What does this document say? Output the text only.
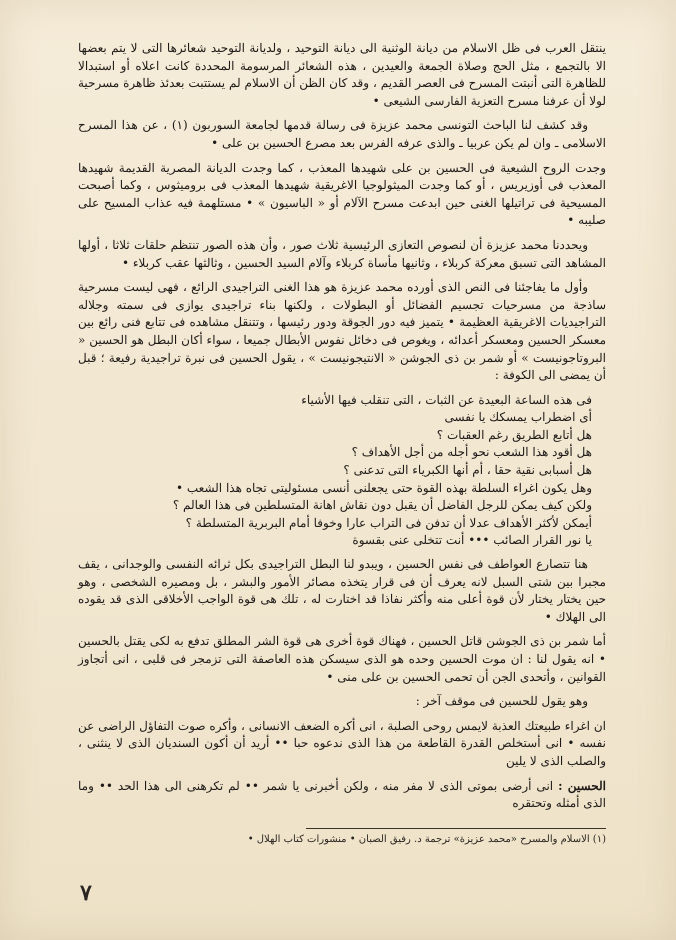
ينتقل العرب فى ظل الاسلام من ديانة الوثنية الى ديانة التوحيد ، ولديانة التوحيد شعائرها التى لا يتم بعضها الا بالتجمع ، مثل الحج وصلاة الجمعة والعيدين ، هذه الشعائر المرسومة المحددة كانت اعلاه أو استبدالا للظاهرة التى أنبتت المسرح فى العصر القديم ، وقد كان الظن أن الاسلام لم يستتبت بعدئذ ظاهرة مسرحية لولا أن عرفنا مسرح التعزية الفارسى الشيعى •

وقد كشف لنا الباحث التونسى محمد عزيزة فى رسالة قدمها لجامعة السوربون (١) ، عن هذا المسرح الاسلامى ـ وان لم يكن عربيا ـ والذى عرفه الفرس بعد مصرع الحسين بن على •

وجدت الروح الشيعية فى الحسين بن على شهيدها المعذب ، كما وجدت الديانة المصرية القديمة شهيدها المعذب فى أوزيريس ، أو كما وجدت الميثولوجيا الاغريقية شهيدها المعذب فى بروميثوس ، وكما أصبحت المسيحية فى تراتيلها الغنى حين ابدعت مسرح الآلام أو « الباسيون » • مستلهمة فيه عذاب المسيح على صليبه •

ويحددنا محمد عزيزة أن لنصوص التعازى الرئيسية ثلاث صور ، وأن هذه الصور تنتظم حلقات ثلاثا ، أولها المشاهد التى تسبق معركة كربلاء ، وثانيها مأساة كربلاء وآلام السيد الحسين ، وثالثها عقب كربلاء •

وأول ما يفاجئنا فى النص الذى أورده محمد عزيزة هو هذا الغنى التراجيدى الرائع ، فهى ليست مسرحية ساذجة من مسرحيات تجسيم الفضائل أو البطولات ، ولكنها بناء تراجيدى يوازى فى سمته وجلاله التراجيديات الاغريقية العظيمة • يتميز فيه دور الجوقة ودور رئيسها ، وتتنقل مشاهده فى تتابع فنى رائع بين معسكر الحسين ومعسكر أعدائه ، ويغوص فى دخائل نفوس الأبطال جميعا ، سواء أكان البطل هو الحسين « البروتاجونيست » أو شمر بن ذى الجوشن « الانتيجونيست » ، يقول الحسين فى نبرة تراجيدية رفيعة ؛ قبل أن يمضى الى الكوفة :

فى هذه الساعة البعيدة عن الثبات ، التى تنقلب فيها الأشياء
أى اضطراب يمسكك يا نفسى
هل أتابع الطريق رغم العقبات ؟
هل أقود هذا الشعب نحو أجله من أجل الأهداف ؟
هل أسبابى نقية حقا ، أم أنها الكبرياء التى تدعنى ؟
وهل يكون اغراء السلطة بهذه القوة حتى يجعلنى أنسى مسئوليتى تجاه هذا الشعب •
ولكن كيف يمكن للرجل الفاضل أن يقبل دون نقاش اهانة المتسلطين فى هذا العالم ؟
أيمكن لأكثر الأهداف عدلا أن تدفن فى التراب عارا وخوفا أمام البربرية المتسلطة ؟
يا نور القرار الصائب ••• أنت تتخلى عنى بقسوة

هنا تتصارع العواطف فى نفس الحسين ، ويبدو لنا البطل التراجيدى بكل ثرائه النفسى والوجدانى ، يقف مجبرا بين شتى السبل لانه يعرف أن فى قرار يتخذه مصائر الأمور والبشر ، بل ومصيره الشخصى ، وهو حين يختار يختار لأن قوة أعلى منه وأكثر نفاذا قد اختارت له ، تلك هى قوة الواجب الأخلاقى الذى قد يقوده الى الهلاك •

أما شمر بن ذى الجوشن قاتل الحسين ، فهناك قوة أخرى هى قوة الشر المطلق تدفع به لكى يقتل بالحسين • انه يقول لنا : ان موت الحسين وحده هو الذى سيسكن هذه العاصفة التى تزمجر فى قلبى ، انى أتجاوز القوانين ، وأتحدى الجن أن تحمى الحسين بن على منى •

وهو يقول للحسين فى موقف آخر :

ان اغراء طبيعتك العذبة لايمس روحى الصلبة ، انى أكره الضعف الانسانى ، وأكره صوت التفاؤل الراضى عن نفسه • انى أستخلص القدرة القاطعة من هذا الذى ندعوه حبا •• أريد أن أكون السنديان الذى لا ينثنى ، والصلب الذى لا يلين

الحسين : انى أرضى بموتى الذى لا مفر منه ، ولكن أخبرنى يا شمر •• لم تكرهنى الى هذا الحد •• وما الذى أمثله وتحتقره

(١) الاسلام والمسرح «محمد عزيزة» ترجمة د. رفيق الصبان • منشورات كتاب الهلال •
٧
